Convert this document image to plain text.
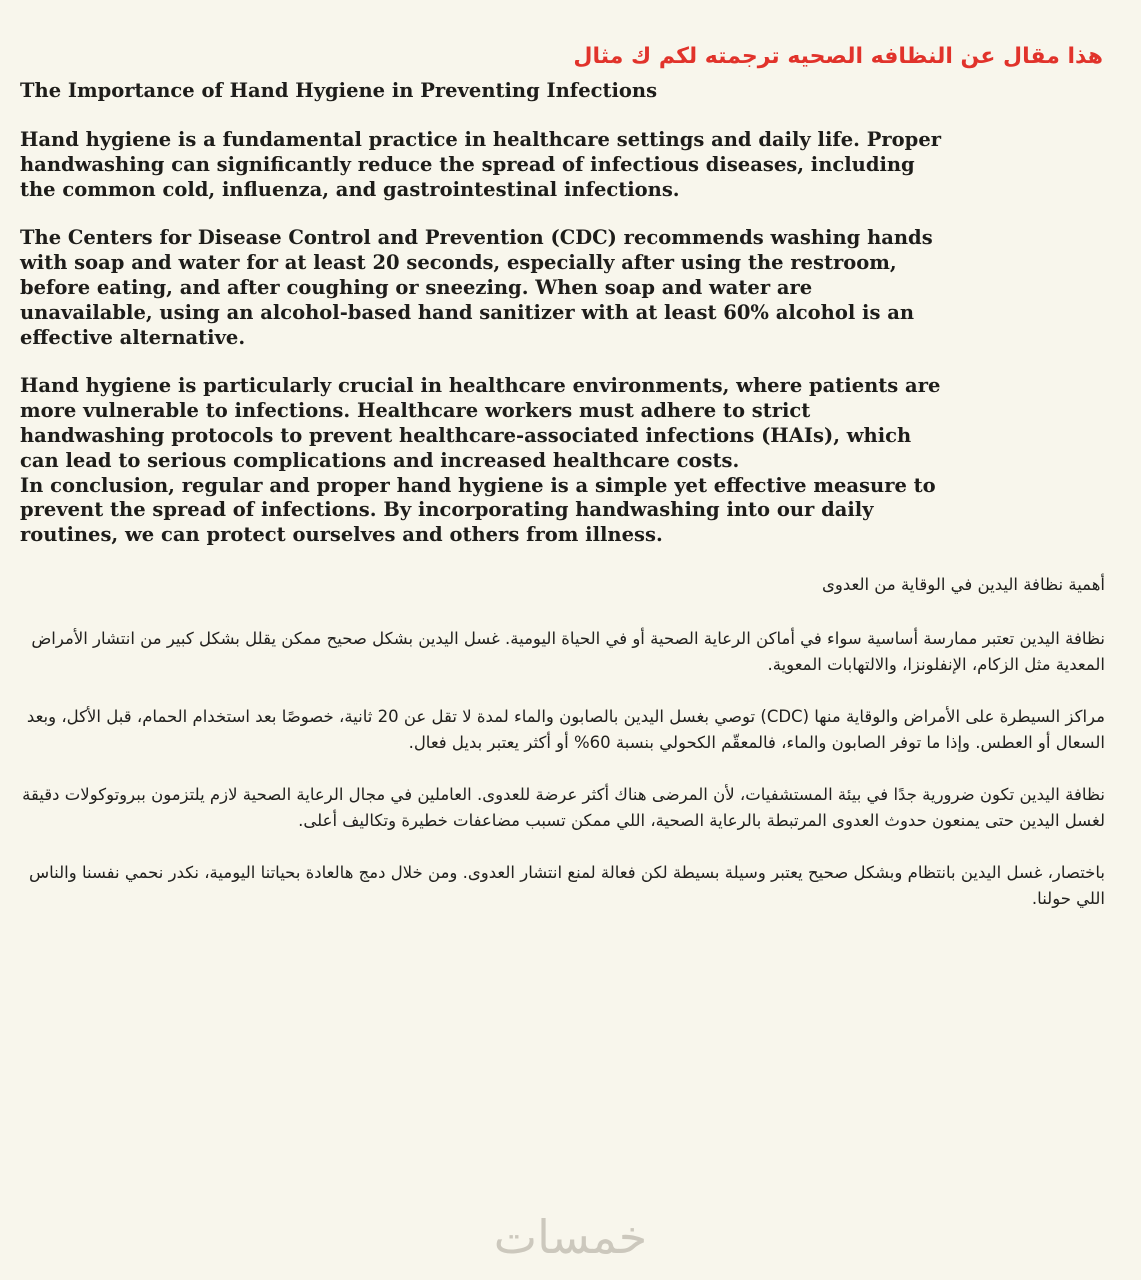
هذا مقال عن النظافه الصحيه ترجمته لكم ك مثال
The Importance of Hand Hygiene in Preventing Infections

Hand hygiene is a fundamental practice in healthcare settings and daily life. Proper handwashing can significantly reduce the spread of infectious diseases, including the common cold, influenza, and gastrointestinal infections.

The Centers for Disease Control and Prevention (CDC) recommends washing hands with soap and water for at least 20 seconds, especially after using the restroom, before eating, and after coughing or sneezing. When soap and water are unavailable, using an alcohol-based hand sanitizer with at least 60% alcohol is an effective alternative.

Hand hygiene is particularly crucial in healthcare environments, where patients are more vulnerable to infections. Healthcare workers must adhere to strict handwashing protocols to prevent healthcare-associated infections (HAIs), which can lead to serious complications and increased healthcare costs.

In conclusion, regular and proper hand hygiene is a simple yet effective measure to prevent the spread of infections. By incorporating handwashing into our daily routines, we can protect ourselves and others from illness.

أهمية نظافة اليدين في الوقاية من العدوى

نظافة اليدين تعتبر ممارسة أساسية سواء في أماكن الرعاية الصحية أو في الحياة اليومية. غسل اليدين بشكل صحيح ممكن يقلل بشكل كبير من انتشار الأمراض المعدية مثل الزكام، الإنفلونزا، والالتهابات المعوية.

مراكز السيطرة على الأمراض والوقاية منها (CDC) توصي بغسل اليدين بالصابون والماء لمدة لا تقل عن 20 ثانية، خصوصًا بعد استخدام الحمام، قبل الأكل، وبعد السعال أو العطس. وإذا ما توفر الصابون والماء، فالمعقّم الكحولي بنسبة 60% أو أكثر يعتبر بديل فعال.

نظافة اليدين تكون ضرورية جدًا في بيئة المستشفيات، لأن المرضى هناك أكثر عرضة للعدوى. العاملين في مجال الرعاية الصحية لازم يلتزمون ببروتوكولات دقيقة لغسل اليدين حتى يمنعون حدوث العدوى المرتبطة بالرعاية الصحية، اللي ممكن تسبب مضاعفات خطيرة وتكاليف أعلى.

باختصار، غسل اليدين بانتظام وبشكل صحيح يعتبر وسيلة بسيطة لكن فعالة لمنع انتشار العدوى. ومن خلال دمج هالعادة بحياتنا اليومية، نكدر نحمي نفسنا والناس اللي حولنا.

خمسات
